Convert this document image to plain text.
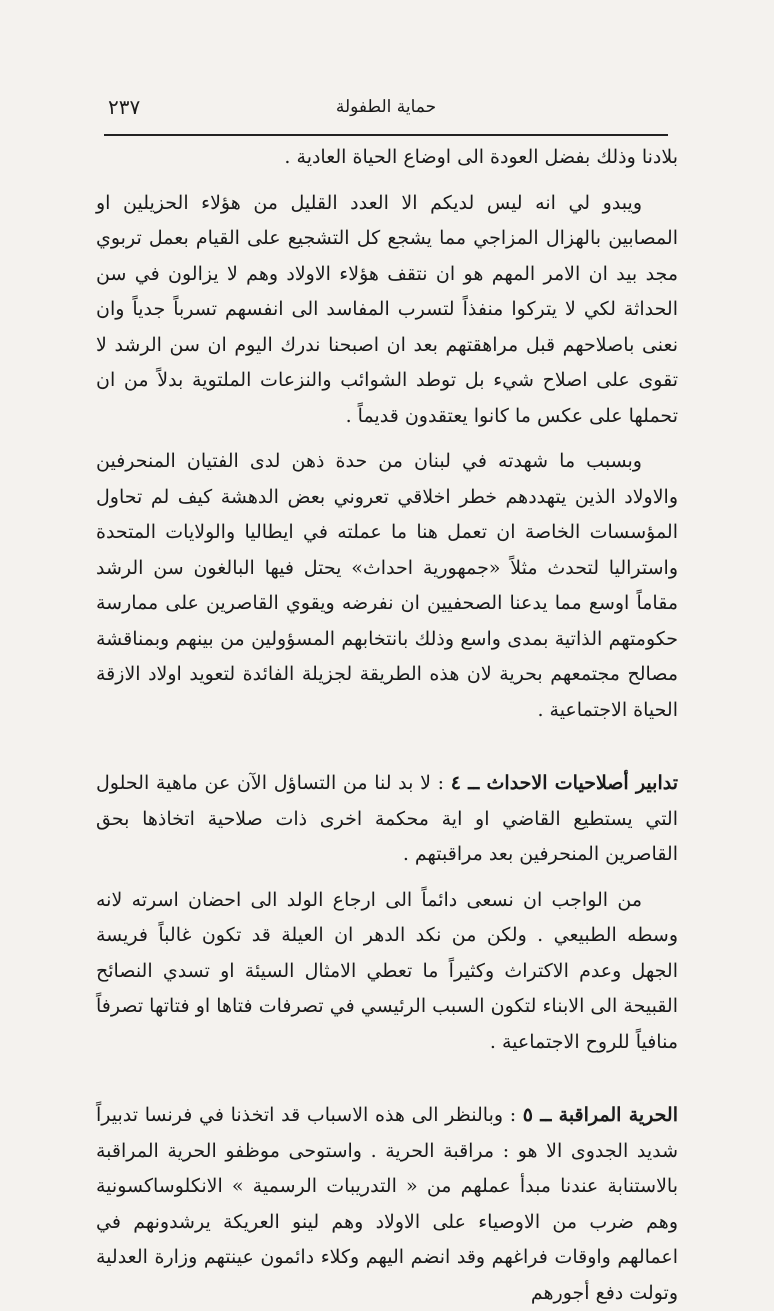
حماية الطفولة
٢٣٧

بلادنا وذلك بفضل العودة الى اوضاع الحياة العادية .

ويبدو لي انه ليس لديكم الا العدد القليل من هؤلاء الحزيلين او المصابين بالهزال المزاجي مما يشجع كل التشجيع على القيام بعمل تربوي مجد بيد ان الامر المهم هو ان نتقف هؤلاء الاولاد وهم لا يزالون في سن الحداثة لكي لا يتركوا منفذاً لتسرب المفاسد الى انفسهم تسرباً جدياً وان نعنى باصلاحهم قبل مراهقتهم بعد ان اصبحنا ندرك اليوم ان سن الرشد لا تقوى على اصلاح شيء بل توطد الشوائب والنزعات الملتوية بدلاً من ان تحملها على عكس ما كانوا يعتقدون قديماً .

وبسبب ما شهدته في لبنان من حدة ذهن لدى الفتيان المنحرفين والاولاد الذين يتهددهم خطر اخلاقي تعروني بعض الدهشة كيف لم تحاول المؤسسات الخاصة ان تعمل هنا ما عملته في ايطاليا والولايات المتحدة واستراليا لتحدث مثلاً «جمهورية احداث» يحتل فيها البالغون سن الرشد مقاماً اوسع مما يدعنا الصحفيين ان نفرضه ويقوي القاصرين على ممارسة حكومتهم الذاتية بمدى واسع وذلك بانتخابهم المسؤولين من بينهم وبمناقشة مصالح مجتمعهم بحرية لان هذه الطريقة لجزيلة الفائدة لتعويد اولاد الازقة الحياة الاجتماعية .

تدابير أصلاحيات الاحداث ــ ٤ : لا بد لنا من التساؤل الآن عن ماهية الحلول التي يستطيع القاضي او اية محكمة اخرى ذات صلاحية اتخاذها بحق القاصرين المنحرفين بعد مراقبتهم .

من الواجب ان نسعى دائماً الى ارجاع الولد الى احضان اسرته لانه وسطه الطبيعي . ولكن من نكد الدهر ان العيلة قد تكون غالباً فريسة الجهل وعدم الاكتراث وكثيراً ما تعطي الامثال السيئة او تسدي النصائح القبيحة الى الابناء لتكون السبب الرئيسي في تصرفات فتاها او فتاتها تصرفاً منافياً للروح الاجتماعية .

الحرية المراقبة ــ ٥ : وبالنظر الى هذه الاسباب قد اتخذنا في فرنسا تدبيراً شديد الجدوى الا هو : مراقبة الحرية . واستوحى موظفو الحرية المراقبة بالاستنابة عندنا مبدأ عملهم من « التدريبات الرسمية » الانكلوساكسونية وهم ضرب من الاوصياء على الاولاد وهم لينو العريكة يرشدونهم في اعمالهم واوقات فراغهم وقد انضم اليهم وكلاء دائمون عينتهم وزارة العدلية وتولت دفع أجورهم
